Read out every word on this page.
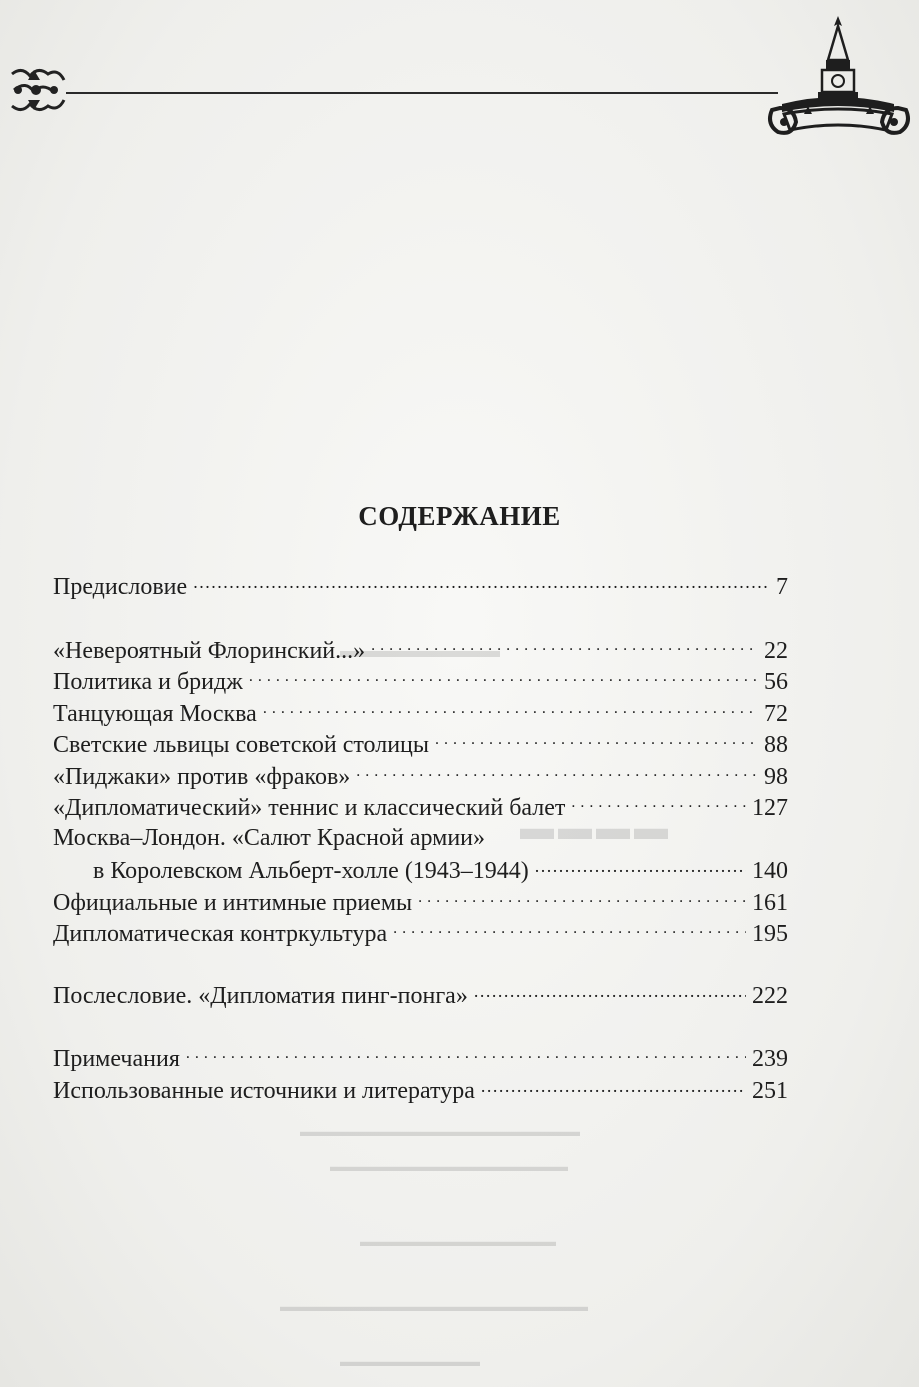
▬▬▬▬▬▬▬▬
▬▬▬▬
▬▬▬▬▬▬▬▬▬▬▬▬▬▬▬▬▬▬▬▬
▬▬▬▬▬▬▬▬▬▬▬▬▬▬▬▬▬
▬▬▬▬▬▬▬▬▬▬▬▬▬▬
▬▬▬▬▬▬▬▬▬▬▬▬▬▬▬▬▬▬▬▬▬▬
▬▬▬▬▬▬▬▬▬▬
СОДЕРЖАНИЕ
Предисловие .....	7
«Невероятный Флоринский...» . . .	22
Политика и бридж . . .	56
Танцующая Москва . . .	72
Светские львицы советской столицы . . .	88
«Пиджаки» против «фраков» . . .	98
«Дипломатический» теннис и классический балет . . .	127
Москва–Лондон. «Салют Красной армии»
в Королевском Альберт-холле (1943–1944) .....	140
Официальные и интимные приемы . . .	161
Дипломатическая контркультура . . .	195
Послесловие. «Дипломатия пинг-понга» .....	222
Примечания . . .	239
Использованные источники и литература .....	251
